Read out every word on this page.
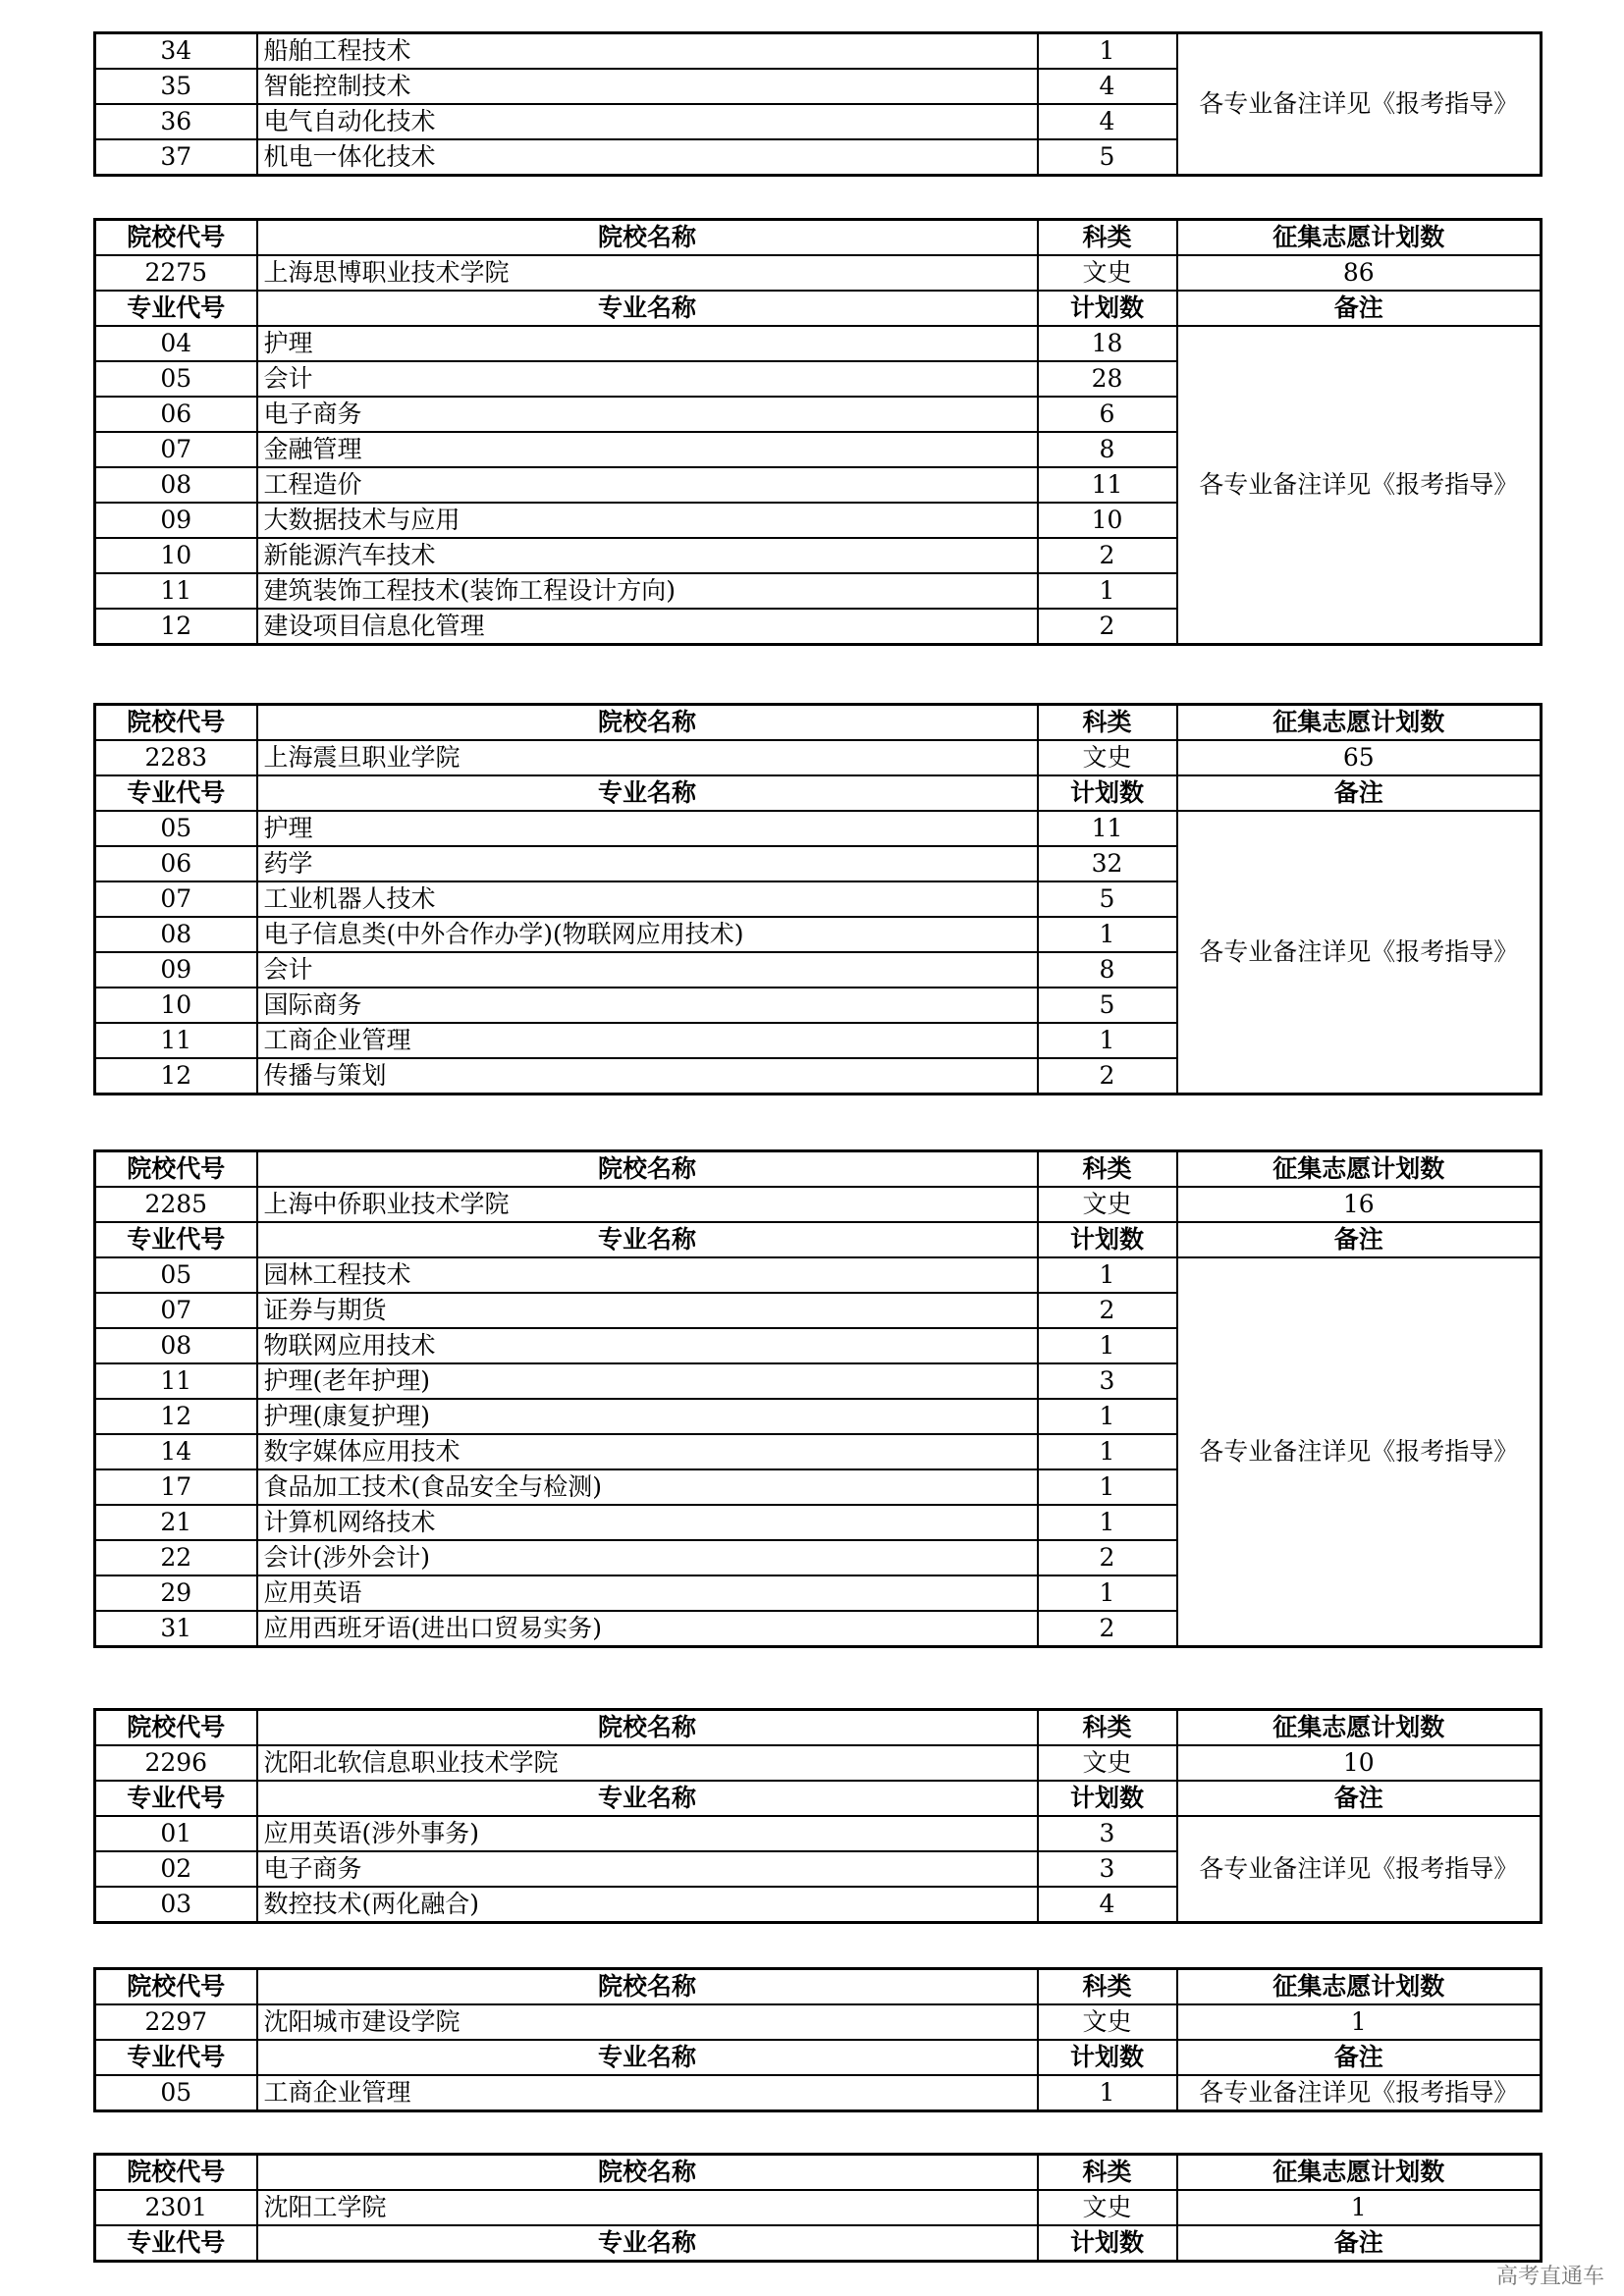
34	船舶工程技术	1	各专业备注详见《报考指导》
35	智能控制技术	4	
36	电气自动化技术	4	
37	机电一体化技术	5	
院校代号	院校名称	科类	征集志愿计划数
2275	上海思博职业技术学院	文史	86
专业代号	专业名称	计划数	备注
04	护理	18	各专业备注详见《报考指导》
05	会计	28	
06	电子商务	6	
07	金融管理	8	
08	工程造价	11	
09	大数据技术与应用	10	
10	新能源汽车技术	2	
11	建筑装饰工程技术(装饰工程设计方向)	1	
12	建设项目信息化管理	2	
院校代号	院校名称	科类	征集志愿计划数
2283	上海震旦职业学院	文史	65
专业代号	专业名称	计划数	备注
05	护理	11	各专业备注详见《报考指导》
06	药学	32	
07	工业机器人技术	5	
08	电子信息类(中外合作办学)(物联网应用技术)	1	
09	会计	8	
10	国际商务	5	
11	工商企业管理	1	
12	传播与策划	2	
院校代号	院校名称	科类	征集志愿计划数
2285	上海中侨职业技术学院	文史	16
专业代号	专业名称	计划数	备注
05	园林工程技术	1	各专业备注详见《报考指导》
07	证券与期货	2	
08	物联网应用技术	1	
11	护理(老年护理)	3	
12	护理(康复护理)	1	
14	数字媒体应用技术	1	
17	食品加工技术(食品安全与检测)	1	
21	计算机网络技术	1	
22	会计(涉外会计)	2	
29	应用英语	1	
31	应用西班牙语(进出口贸易实务)	2	
院校代号	院校名称	科类	征集志愿计划数
2296	沈阳北软信息职业技术学院	文史	10
专业代号	专业名称	计划数	备注
01	应用英语(涉外事务)	3	各专业备注详见《报考指导》
02	电子商务	3	
03	数控技术(两化融合)	4	
院校代号	院校名称	科类	征集志愿计划数
2297	沈阳城市建设学院	文史	1
专业代号	专业名称	计划数	备注
05	工商企业管理	1	各专业备注详见《报考指导》
院校代号	院校名称	科类	征集志愿计划数
2301	沈阳工学院	文史	1
专业代号	专业名称	计划数	备注
高考直通车
